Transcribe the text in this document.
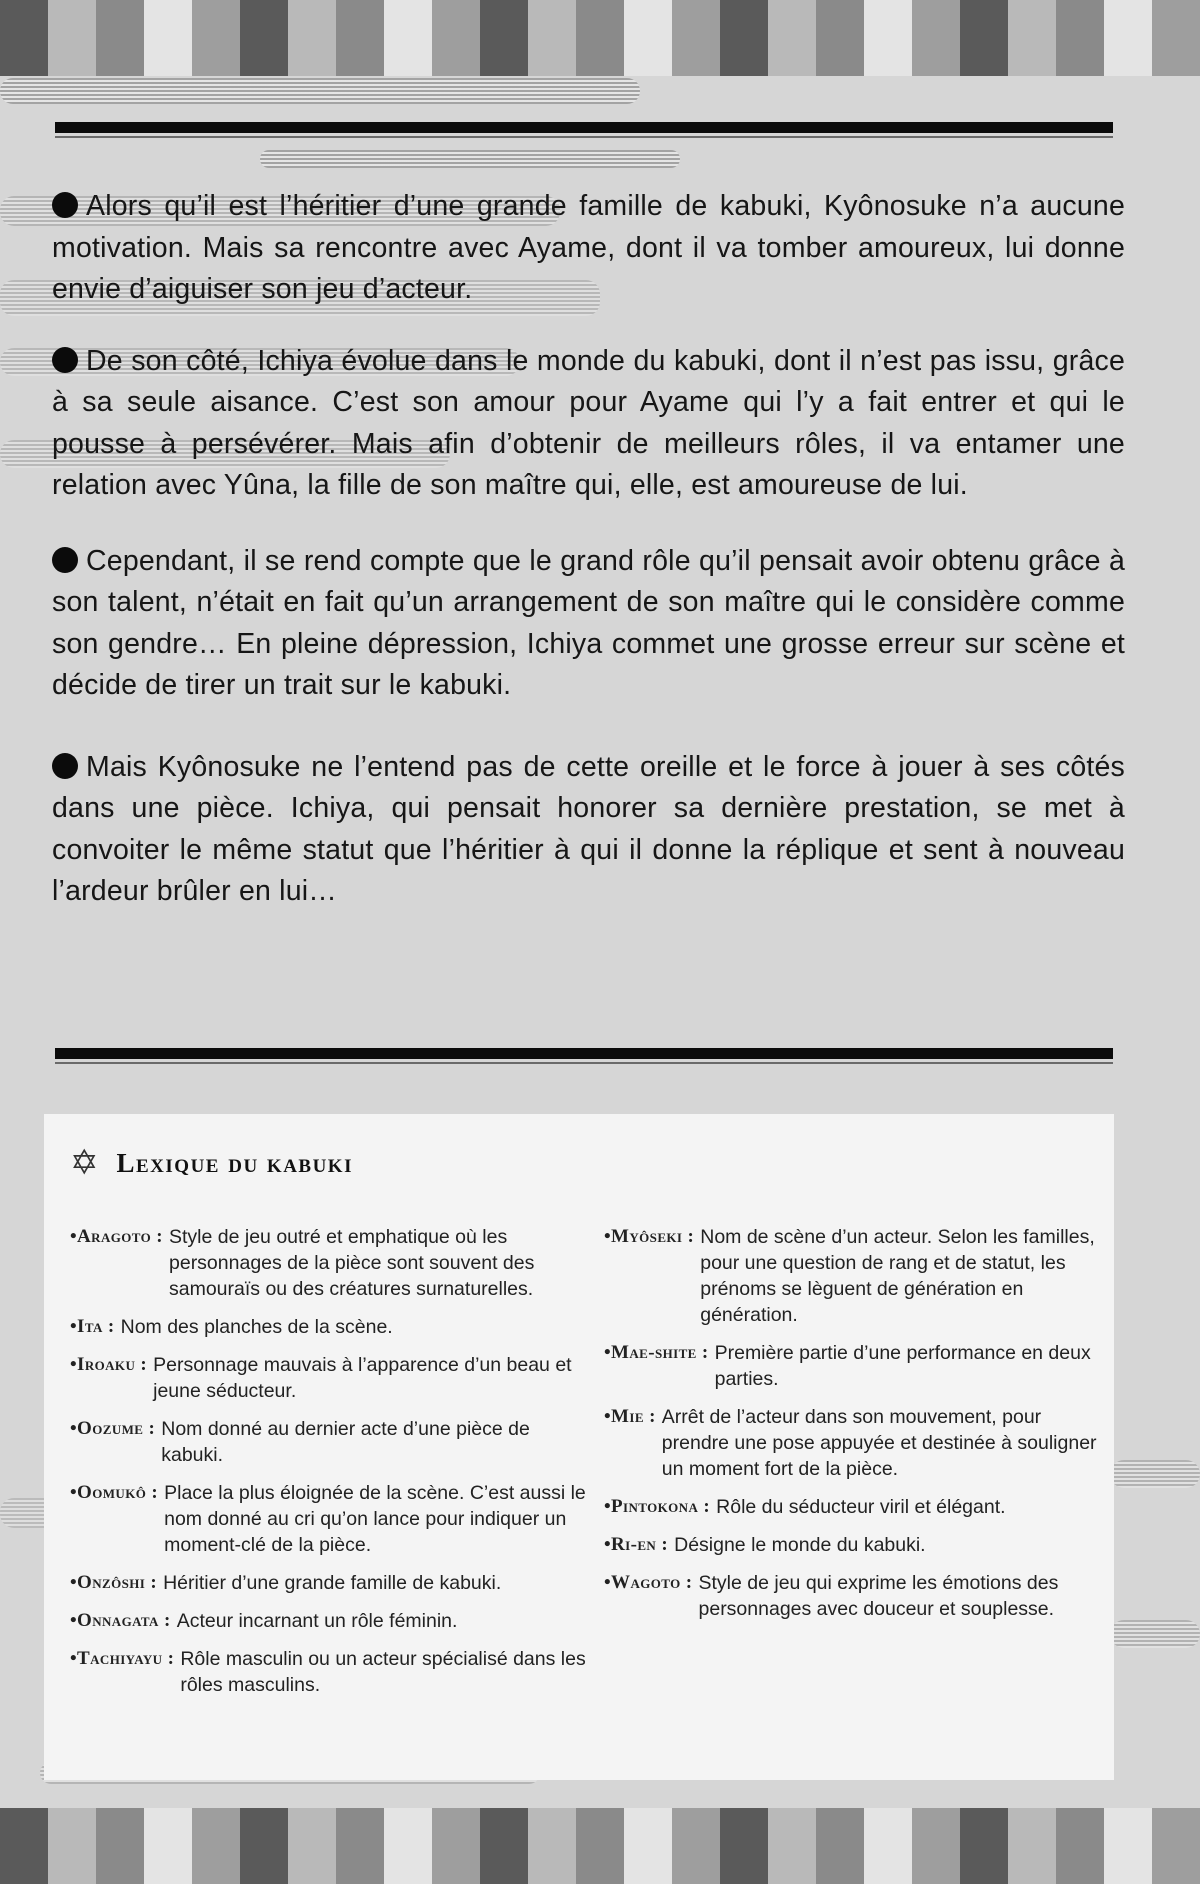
Alors qu’il est l’héritier d’une grande famille de kabuki, Kyônosuke n’a aucune motivation. Mais sa rencontre avec Ayame, dont il va tomber amoureux, lui donne envie d’aiguiser son jeu d’acteur.

De son côté, Ichiya évolue dans le monde du kabuki, dont il n’est pas issu, grâce à sa seule aisance. C’est son amour pour Ayame qui l’y a fait entrer et qui le pousse à persévérer. Mais afin d’obtenir de meilleurs rôles, il va entamer une relation avec Yûna, la fille de son maître qui, elle, est amoureuse de lui.

Cependant, il se rend compte que le grand rôle qu’il pensait avoir obtenu grâce à son talent, n’était en fait qu’un arrangement de son maître qui le considère comme son gendre… En pleine dépression, Ichiya commet une grosse erreur sur scène et décide de tirer un trait sur le kabuki.

Mais Kyônosuke ne l’entend pas de cette oreille et le force à jouer à ses côtés dans une pièce. Ichiya, qui pensait honorer sa dernière prestation, se met à convoiter le même statut que l’héritier à qui il donne la réplique et sent à nouveau l’ardeur brûler en lui…

✡ Lexique du kabuki
•Aragoto : Style de jeu outré et emphatique où les personnages de la pièce sont souvent des samouraïs ou des créatures surnaturelles.
•Ita : Nom des planches de la scène.
•Iroaku : Personnage mauvais à l’apparence d’un beau et jeune séducteur.
•Oozume : Nom donné au dernier acte d’une pièce de kabuki.
•Oomukô : Place la plus éloignée de la scène. C’est aussi le nom donné au cri qu’on lance pour indiquer un moment-clé de la pièce.
•Onzôshi : Héritier d’une grande famille de kabuki.
•Onnagata : Acteur incarnant un rôle féminin.
•Tachiyayu : Rôle masculin ou un acteur spécialisé dans les rôles masculins.
•Myôseki : Nom de scène d’un acteur. Selon les familles, pour une question de rang et de statut, les prénoms se lèguent de génération en génération.
•Mae-shite : Première partie d’une performance en deux parties.
•Mie : Arrêt de l’acteur dans son mouvement, pour prendre une pose appuyée et destinée à souligner un moment fort de la pièce.
•Pintokona : Rôle du séducteur viril et élégant.
•Ri-en : Désigne le monde du kabuki.
•Wagoto : Style de jeu qui exprime les émotions des personnages avec douceur et souplesse.
